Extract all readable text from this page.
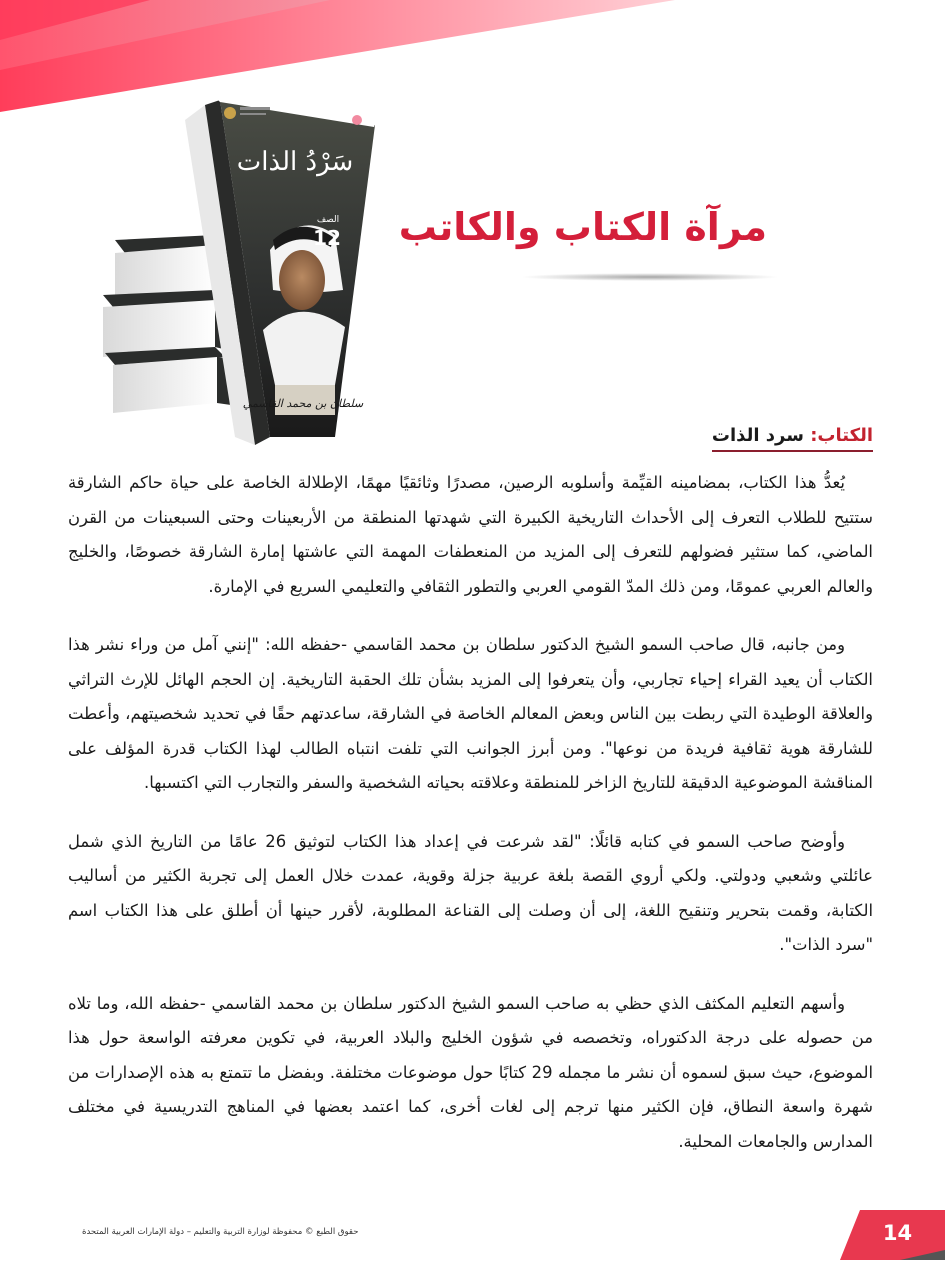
سَرْدُ الذات
الصف
12
سلطان بن محمد القاسمي
مرآة الكتاب والكاتب
الكتاب: سرد الذات

يُعدُّ هذا الكتاب، بمضامينه القيِّمة وأسلوبه الرصين، مصدرًا وثائقيًا مهمًا، الإطلالة الخاصة على حياة حاكم الشارقة ستتيح للطلاب التعرف إلى الأحداث التاريخية الكبيرة التي شهدتها المنطقة من الأربعينات وحتى السبعينات من القرن الماضي، كما ستثير فضولهم للتعرف إلى المزيد من المنعطفات المهمة التي عاشتها إمارة الشارقة خصوصًا، والخليج والعالم العربي عمومًا، ومن ذلك المدّ القومي العربي والتطور الثقافي والتعليمي السريع في الإمارة.

ومن جانبه، قال صاحب السمو الشيخ الدكتور سلطان بن محمد القاسمي -حفظه الله: "إنني آمل من وراء نشر هذا الكتاب أن يعيد القراء إحياء تجاربي، وأن يتعرفوا إلى المزيد بشأن تلك الحقبة التاريخية. إن الحجم الهائل للإرث التراثي والعلاقة الوطيدة التي ربطت بين الناس وبعض المعالم الخاصة في الشارقة، ساعدتهم حقًا في تحديد شخصيتهم، وأعطت للشارقة هوية ثقافية فريدة من نوعها". ومن أبرز الجوانب التي تلفت انتباه الطالب لهذا الكتاب قدرة المؤلف على المناقشة الموضوعية الدقيقة للتاريخ الزاخر للمنطقة وعلاقته بحياته الشخصية والسفر والتجارب التي اكتسبها.

وأوضح صاحب السمو في كتابه قائلًا: "لقد شرعت في إعداد هذا الكتاب لتوثيق 26 عامًا من التاريخ الذي شمل عائلتي وشعبي ودولتي. ولكي أروي القصة بلغة عربية جزلة وقوية، عمدت خلال العمل إلى تجربة الكثير من أساليب الكتابة، وقمت بتحرير وتنقيح اللغة، إلى أن وصلت إلى القناعة المطلوبة، لأقرر حينها أن أطلق على هذا الكتاب اسم "سرد الذات".

وأسهم التعليم المكثف الذي حظي به صاحب السمو الشيخ الدكتور سلطان بن محمد القاسمي -حفظه الله، وما تلاه من حصوله على درجة الدكتوراه، وتخصصه في شؤون الخليج والبلاد العربية، في تكوين معرفته الواسعة حول هذا الموضوع، حيث سبق لسموه أن نشر ما مجمله 29 كتابًا حول موضوعات مختلفة. وبفضل ما تتمتع به هذه الإصدارات من شهرة واسعة النطاق، فإن الكثير منها ترجم إلى لغات أخرى، كما اعتمد بعضها في المناهج التدريسية في مختلف المدارس والجامعات المحلية.

حقوق الطبع © محفوظة لوزارة التربية والتعليم – دولة الإمارات العربية المتحدة	14
